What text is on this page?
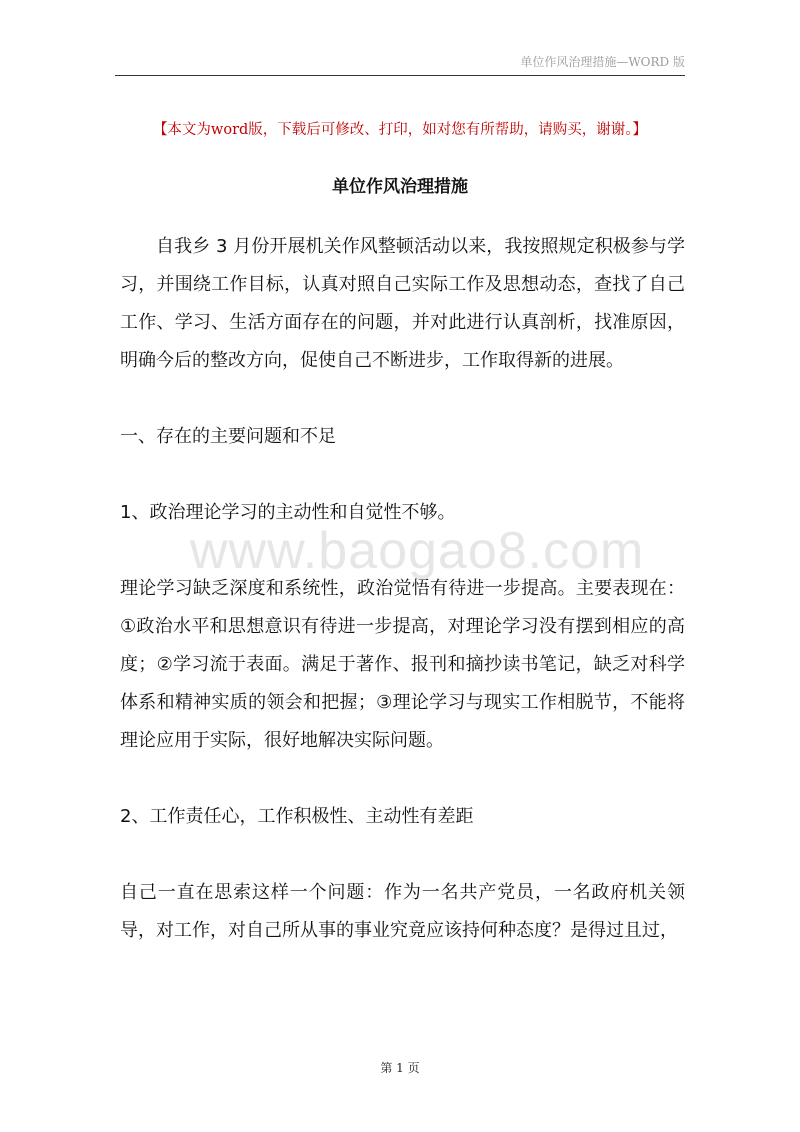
单位作风治理措施—WORD 版
【本文为word版，下载后可修改、打印，如对您有所帮助，请购买，谢谢。】
单位作风治理措施
www.baogao8.com

自我乡 3 月份开展机关作风整顿活动以来，我按照规定积极参与学习，并围绕工作目标，认真对照自己实际工作及思想动态，查找了自己工作、学习、生活方面存在的问题，并对此进行认真剖析，找准原因，明确今后的整改方向，促使自己不断进步，工作取得新的进展。

一、存在的主要问题和不足

1、政治理论学习的主动性和自觉性不够。

理论学习缺乏深度和系统性，政治觉悟有待进一步提高。主要表现在：①政治水平和思想意识有待进一步提高，对理论学习没有摆到相应的高度；②学习流于表面。满足于著作、报刊和摘抄读书笔记，缺乏对科学体系和精神实质的领会和把握；③理论学习与现实工作相脱节，不能将理论应用于实际，很好地解决实际问题。

2、工作责任心，工作积极性、主动性有差距

自己一直在思索这样一个问题：作为一名共产党员，一名政府机关领导，对工作，对自己所从事的事业究竟应该持何种态度？是得过且过，

第 1 页
